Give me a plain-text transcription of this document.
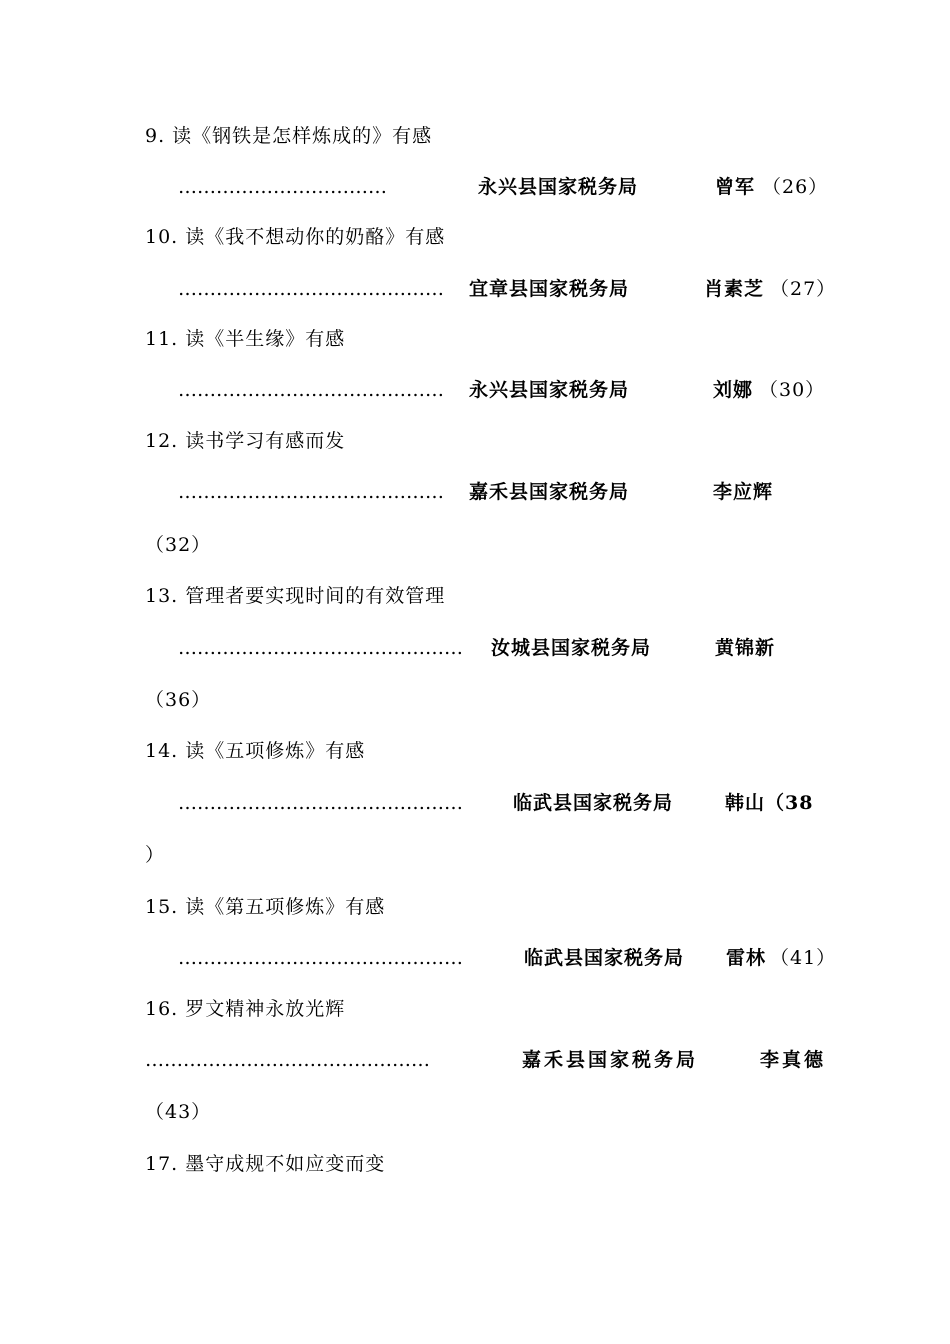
9. 读《钢铁是怎样炼成的》有感
……………………………	永兴县国家税务局	曾军 （26）
10. 读《我不想动你的奶酪》有感
…………………………………… 宜章县国家税务局	肖素芝 （27）
11. 读《半生缘》有感
…………………………………… 永兴县国家税务局	刘娜 （30）
12. 读书学习有感而发
…………………………………… 嘉禾县国家税务局	李应辉
（32）
13. 管理者要实现时间的有效管理
……………………………………… 汝城县国家税务局	黄锦新
（36）
14. 读《五项修炼》有感
………………………………………	临武县国家税务局	韩山（38
）
15. 读《第五项修炼》有感
………………………………………	临武县国家税务局 雷林 （41）
16. 罗文精神永放光辉
………………………………………	嘉禾县国家税务局	李真德
（43）
17. 墨守成规不如应变而变
